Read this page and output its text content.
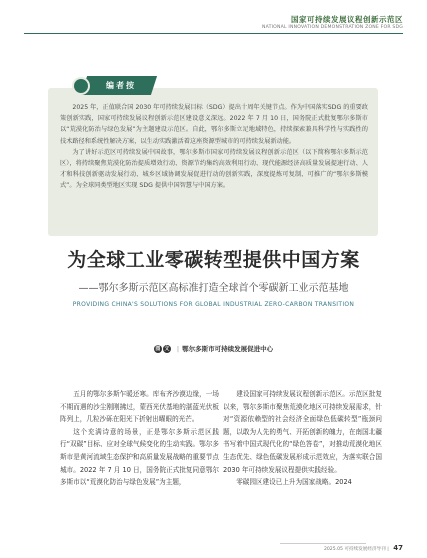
国家可持续发展议程创新示范区
NATIONAL INNOVATION DEMONSTRATION ZONE FOR SDG
编者按

2025 年，正值联合国 2030 年可持续发展目标（SDG）提出十周年关键节点。作为中国落实SDG 的重要政策创新实践，国家可持续发展议程创新示范区建设意义深远。2022 年 7 月 10 日，国务院正式批复鄂尔多斯市以“荒漠化防治与绿色发展”为主题建设示范区。自此，鄂尔多斯立足地域特色，持续探索兼具科学性与实践性的技术路径和系统性解决方案，以生动实践激活着这座资源型城市的可持续发展新动能。

为了讲好示范区可持续发展中国故事，鄂尔多斯市国家可持续发展议程创新示范区（以下简称鄂尔多斯示范区），将持续聚焦荒漠化防治提质增效行动、资源节约集约高效利用行动、现代能源经济高质量发展提速行动、人才和科技创新驱动发展行动、城乡区域协调发展促进行动的创新实践，深度提炼可复制、可推广的“鄂尔多斯模式”。为全球同类型地区实现 SDG 提供中国智慧与中国方案。

为全球工业零碳转型提供中国方案
——鄂尔多斯示范区高标准打造全球首个零碳新工业示范基地
PROVIDING CHINA'S SOLUTIONS FOR GLOBAL INDUSTRIAL ZERO-CARBON TRANSITION
图 文 | 鄂尔多斯市可持续发展促进中心

五月的鄂尔多斯乍暖还寒。库布齐沙漠边缘，一场不期而遇的沙尘刚刚拂过，蒙西光伏基地的湛蓝光伏板阵列上，几粒沙砾在阳光下折射出曜眼的光芒。

这个充满诗意的场景，正是鄂尔多斯示范区践行“双碳”目标、应对全球气候变化的生动实践。鄂尔多斯市是黄河流域生态保护和高质量发展战略的重要节点城市。2022 年 7 月 10 日，国务院正式批复同意鄂尔多斯市以“荒漠化防治与绿色发展”为主题，

建设国家可持续发展议程创新示范区。示范区批复以来，鄂尔多斯市聚焦荒漠化地区可持续发展需求，针对“资源依赖型的社会经济全面绿色低碳转型”瓶颈问题，以敢为人先的勇气、开拓创新的魄力，在南国北疆书写着中国式现代化的“绿色答卷”，对推动荒漠化地区生态优先、绿色低碳发展形成示范效应，为落实联合国 2030 年可持续发展议程提供实践经验。

零碳园区建设已上升为国家战略。2024

2025.05 可持续发展经济导刊 | 47
